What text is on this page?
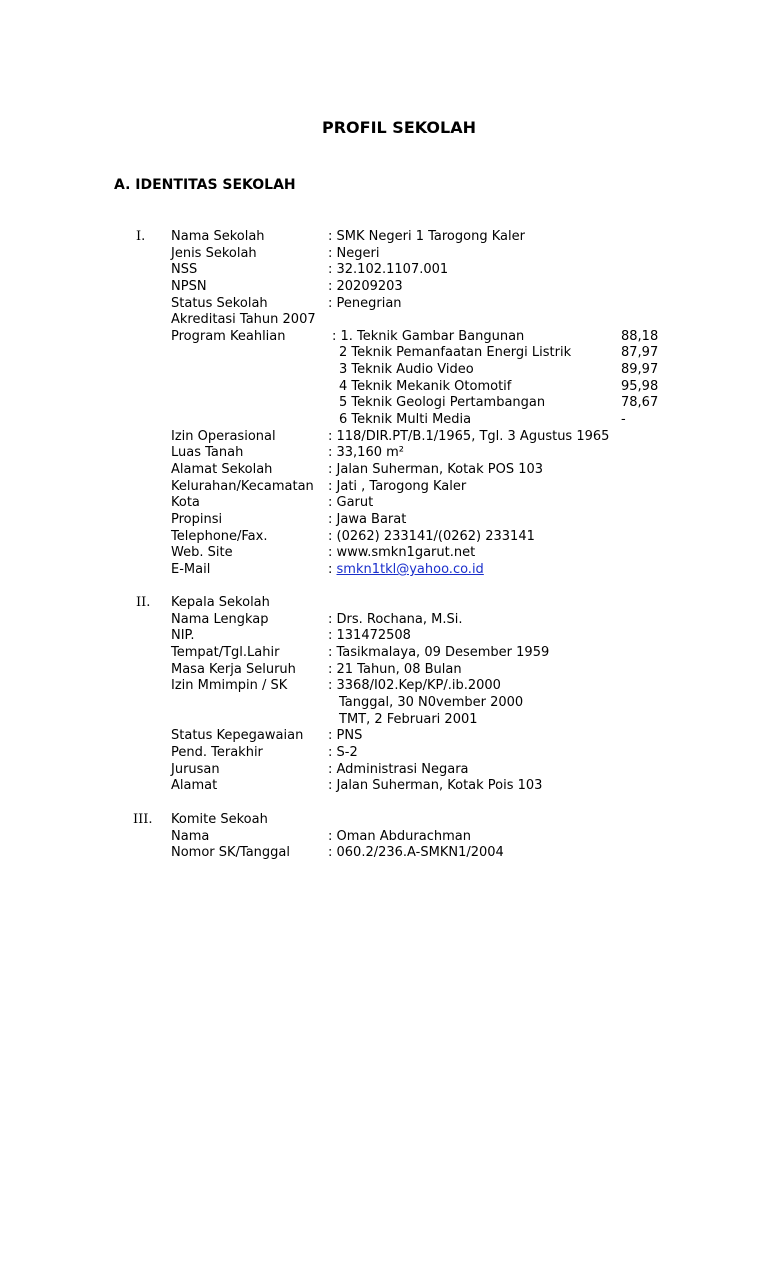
PROFIL SEKOLAH
A. IDENTITAS SEKOLAH
I. Nama Sekolah	: SMK Negeri 1 Tarogong Kaler
Jenis Sekolah	: Negeri
NSS	: 32.102.1107.001
NPSN	: 20209203
Status Sekolah	: Penegrian
Akreditasi Tahun 2007
Program Keahlian	: 1. Teknik Gambar Bangunan	88,18
2 Teknik Pemanfaatan Energi Listrik	87,97
3 Teknik Audio Video	89,97
4 Teknik Mekanik Otomotif	95,98
5 Teknik Geologi Pertambangan	78,67
6 Teknik Multi Media	-
Izin Operasional	: 118/DIR.PT/B.1/1965, Tgl. 3 Agustus 1965
Luas Tanah	: 33,160 m²
Alamat Sekolah	: Jalan Suherman, Kotak POS 103
Kelurahan/Kecamatan : Jati , Tarogong Kaler
Kota	: Garut
Propinsi	: Jawa Barat
Telephone/Fax.	: (0262) 233141/(0262) 233141
Web. Site	: www.smkn1garut.net
E-Mail	: smkn1tkl@yahoo.co.id
II. Kepala Sekolah
Nama Lengkap	: Drs. Rochana, M.Si.
NIP.	: 131472508
Tempat/Tgl.Lahir	: Tasikmalaya, 09 Desember 1959
Masa Kerja Seluruh : 21 Tahun, 08 Bulan
Izin Mmimpin / SK	: 3368/I02.Kep/KP/.ib.2000
Tanggal, 30 N0vember 2000
TMT, 2 Februari 2001
Status Kepegawaian : PNS
Pend. Terakhir	: S-2
Jurusan	: Administrasi Negara
Alamat	: Jalan Suherman, Kotak Pois 103
III. Komite Sekoah
Nama	: Oman Abdurachman
Nomor SK/Tanggal	: 060.2/236.A-SMKN1/2004
